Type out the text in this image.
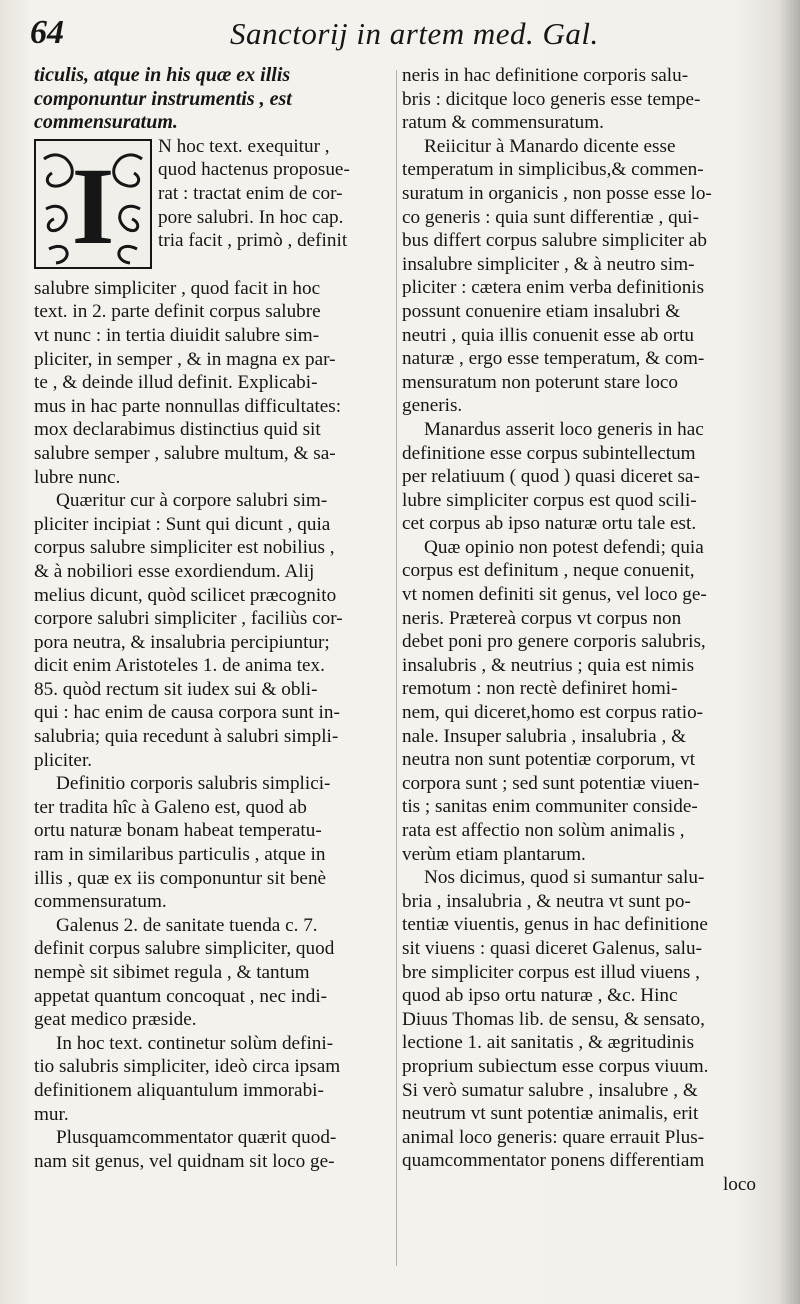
64	Sanctorij in artem med. Gal.
ticulis, atque in his quæ ex illis
componuntur instrumentis , est
commensuratum.
I N hoc text. exequitur ,
quod hactenus proposue-
rat : tractat enim de cor-
pore salubri. In hoc cap.
tria facit , primò , definit
salubre simpliciter , quod facit in hoc
text. in 2. parte definit corpus salubre
vt nunc : in tertia diuidit salubre sim-
pliciter, in semper , & in magna ex par-
te , & deinde illud definit. Explicabi-
mus in hac parte nonnullas difficultates:
mox declarabimus distinctius quid sit
salubre semper , salubre multum, & sa-
lubre nunc.
Quæritur cur à corpore salubri sim-
pliciter incipiat : Sunt qui dicunt , quia
corpus salubre simpliciter est nobilius ,
& à nobiliori esse exordiendum. Alij
melius dicunt, quòd scilicet præcognito
corpore salubri simpliciter , faciliùs cor-
pora neutra, & insalubria percipiuntur;
dicit enim Aristoteles 1. de anima tex.
85. quòd rectum sit iudex sui & obli-
qui : hac enim de causa corpora sunt in-
salubria; quia recedunt à salubri simpli-
pliciter.
Definitio corporis salubris simplici-
ter tradita hîc à Galeno est, quod ab
ortu naturæ bonam habeat temperatu-
ram in similaribus particulis , atque in
illis , quæ ex iis componuntur sit benè
commensuratum.
Galenus 2. de sanitate tuenda c. 7.
definit corpus salubre simpliciter, quod
nempè sit sibimet regula , & tantum
appetat quantum concoquat , nec indi-
geat medico præside.
In hoc text. continetur solùm defini-
tio salubris simpliciter, ideò circa ipsam
definitionem aliquantulum immorabi-
mur.
Plusquamcommentator quærit quod-
nam sit genus, vel quidnam sit loco ge-
neris in hac definitione corporis salu-
bris : dicitque loco generis esse tempe-
ratum & commensuratum.
Reiicitur à Manardo dicente esse
temperatum in simplicibus,& commen-
suratum in organicis , non posse esse lo-
co generis : quia sunt differentiæ , qui-
bus differt corpus salubre simpliciter ab
insalubre simpliciter , & à neutro sim-
pliciter : cætera enim verba definitionis
possunt conuenire etiam insalubri &
neutri , quia illis conuenit esse ab ortu
naturæ , ergo esse temperatum, & com-
mensuratum non poterunt stare loco
generis.
Manardus asserit loco generis in hac
definitione esse corpus subintellectum
per relatiuum ( quod ) quasi diceret sa-
lubre simpliciter corpus est quod scili-
cet corpus ab ipso naturæ ortu tale est.
Quæ opinio non potest defendi; quia
corpus est definitum , neque conuenit,
vt nomen definiti sit genus, vel loco ge-
neris. Prætereà corpus vt corpus non
debet poni pro genere corporis salubris,
insalubris , & neutrius ; quia est nimis
remotum : non rectè definiret homi-
nem, qui diceret,homo est corpus ratio-
nale. Insuper salubria , insalubria , &
neutra non sunt potentiæ corporum, vt
corpora sunt ; sed sunt potentiæ viuen-
tis ; sanitas enim communiter conside-
rata est affectio non solùm animalis ,
verùm etiam plantarum.
Nos dicimus, quod si sumantur salu-
bria , insalubria , & neutra vt sunt po-
tentiæ viuentis, genus in hac definitione
sit viuens : quasi diceret Galenus, salu-
bre simpliciter corpus est illud viuens ,
quod ab ipso ortu naturæ , &c. Hinc
Diuus Thomas lib. de sensu, & sensato,
lectione 1. ait sanitatis , & ægritudinis
proprium subiectum esse corpus viuum.
Si verò sumatur salubre , insalubre , &
neutrum vt sunt potentiæ animalis, erit
animal loco generis: quare errauit Plus-
quamcommentator ponens differentiam
loco
